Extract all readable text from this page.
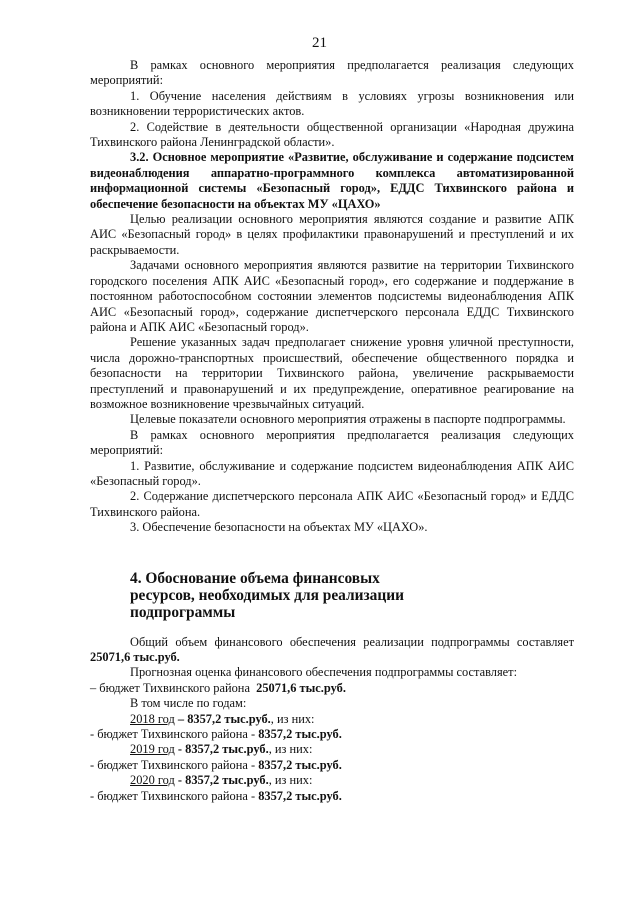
21

В рамках основного мероприятия предполагается реализация следующих мероприятий:

1. Обучение населения действиям в условиях угрозы возникновения или возникновении террористических актов.

2. Содействие в деятельности общественной организации «Народная дружина Тихвинского района Ленинградской области».

3.2. Основное мероприятие «Развитие, обслуживание и содержание подсистем видеонаблюдения аппаратно-программного комплекса автоматизированной информационной системы «Безопасный город», ЕДДС Тихвинского района и обеспечение безопасности на объектах МУ «ЦАХО»

Целью реализации основного мероприятия являются создание и развитие АПК АИС «Безопасный город» в целях профилактики правонарушений и преступлений и их раскрываемости.

Задачами основного мероприятия являются развитие на территории Тихвинского городского поселения АПК АИС «Безопасный город», его содержание и поддержание в постоянном работоспособном состоянии элементов подсистемы видеонаблюдения АПК АИС «Безопасный город», содержание диспетчерского персонала ЕДДС Тихвинского района и АПК АИС «Безопасный город».

Решение указанных задач предполагает снижение уровня уличной преступности, числа дорожно-транспортных происшествий, обеспечение общественного порядка и безопасности на территории Тихвинского района, увеличение раскрываемости преступлений и правонарушений и их предупреждение, оперативное реагирование на возможное возникновение чрезвычайных ситуаций.

Целевые показатели основного мероприятия отражены в паспорте подпрограммы.

В рамках основного мероприятия предполагается реализация следующих мероприятий:

1. Развитие, обслуживание и содержание подсистем видеонаблюдения АПК АИС «Безопасный город».

2. Содержание диспетчерского персонала АПК АИС «Безопасный город» и ЕДДС Тихвинского района.

3. Обеспечение безопасности на объектах МУ «ЦАХО».

4. Обоснование объема финансовых
ресурсов, необходимых для реализации
подпрограммы

Общий объем финансового обеспечения реализации подпрограммы составляет 25071,6 тыс.руб.

Прогнозная оценка финансового обеспечения подпрограммы составляет:

– бюджет Тихвинского района 25071,6 тыс.руб.

В том числе по годам:

2018 год – 8357,2 тыс.руб., из них:

- бюджет Тихвинского района - 8357,2 тыс.руб.

2019 год - 8357,2 тыс.руб., из них:

- бюджет Тихвинского района - 8357,2 тыс.руб.

2020 год - 8357,2 тыс.руб., из них:

- бюджет Тихвинского района - 8357,2 тыс.руб.
